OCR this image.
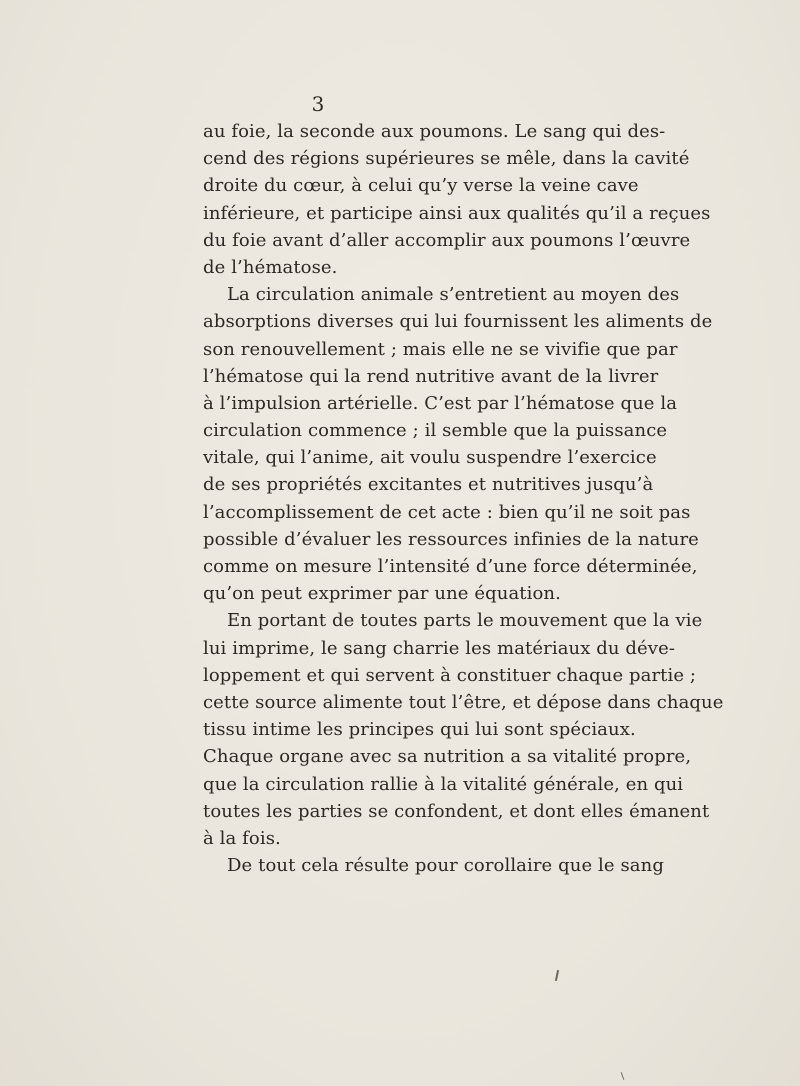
3
au foie, la seconde aux poumons. Le sang qui des-
cend des régions supérieures se mêle, dans la cavité
droite du cœur, à celui qu’y verse la veine cave
inférieure, et participe ainsi aux qualités qu’il a reçues
du foie avant d’aller accomplir aux poumons l’œuvre
de l’hématose.
La circulation animale s’entretient au moyen des
absorptions diverses qui lui fournissent les aliments de
son renouvellement ; mais elle ne se vivifie que par
l’hématose qui la rend nutritive avant de la livrer
à l’impulsion artérielle. C’est par l’hématose que la
circulation commence ; il semble que la puissance
vitale, qui l’anime, ait voulu suspendre l’exercice
de ses propriétés excitantes et nutritives jusqu’à
l’accomplissement de cet acte : bien qu’il ne soit pas
possible d’évaluer les ressources infinies de la nature
comme on mesure l’intensité d’une force déterminée,
qu’on peut exprimer par une équation.
En portant de toutes parts le mouvement que la vie
lui imprime, le sang charrie les matériaux du déve-
loppement et qui servent à constituer chaque partie ;
cette source alimente tout l’être, et dépose dans chaque
tissu intime les principes qui lui sont spéciaux.
Chaque organe avec sa nutrition a sa vitalité propre,
que la circulation rallie à la vitalité générale, en qui
toutes les parties se confondent, et dont elles émanent
à la fois.
De tout cela résulte pour corollaire que le sang
